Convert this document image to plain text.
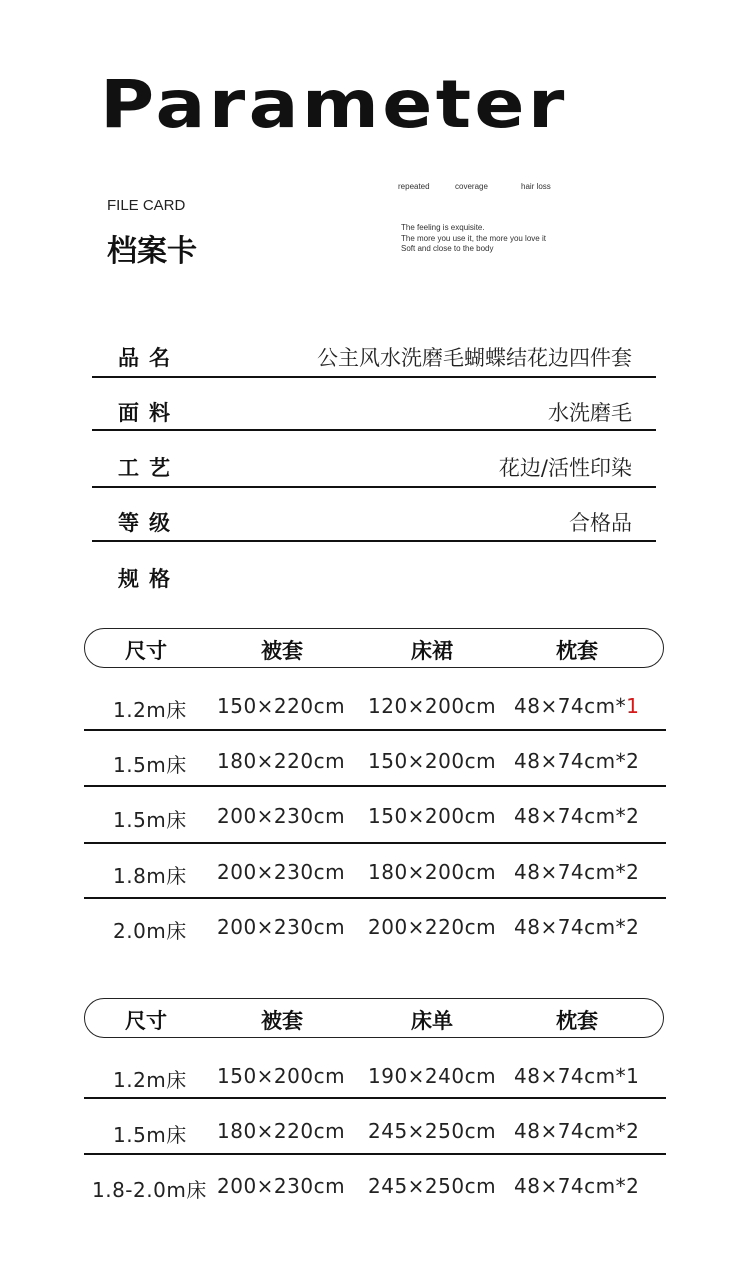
Parameter
FILE CARD
档案卡
repeated	coverage	hair loss
The feeling is exquisite.
The more you use it, the more you love it
Soft and close to the body
品名	公主风水洗磨毛蝴蝶结花边四件套
面料	水洗磨毛
工艺	花边/活性印染
等级	合格品
规格
尺寸	被套	床裙	枕套
1.2m床 150×220cm 120×200cm 48×74cm*1
1.5m床 180×220cm 150×200cm 48×74cm*2
1.5m床 200×230cm 150×200cm 48×74cm*2
1.8m床 200×230cm 180×200cm 48×74cm*2
2.0m床 200×230cm 200×220cm 48×74cm*2
尺寸	被套	床单	枕套
1.2m床 150×200cm 190×240cm 48×74cm*1
1.5m床 180×220cm 245×250cm 48×74cm*2
1.8-2.0m床 200×230cm 245×250cm 48×74cm*2
